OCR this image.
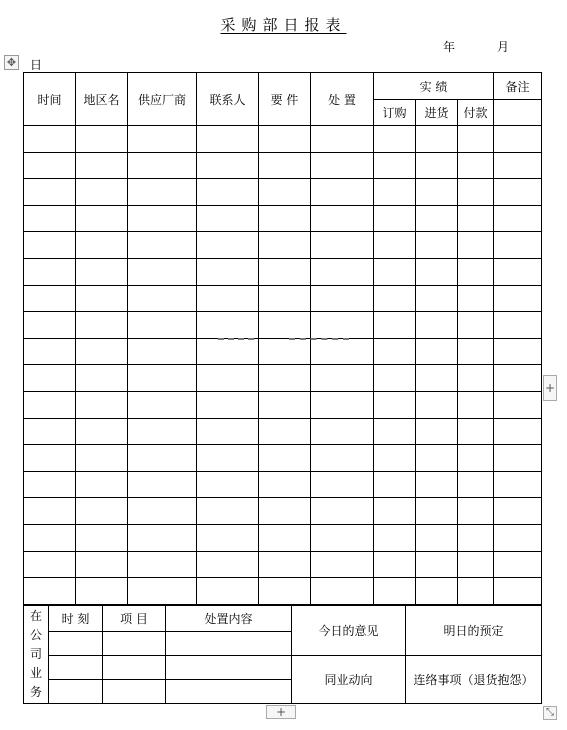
采购部日报表
年	月
✥ 日
时间	地区名	供应厂商	联系人	要 件	处 置	实 绩			备注
						订购	进货	付款	

在公司业务	时 刻	项 目	处置内容	今日的意见	明日的预定

				同业动向	连络事项（退货抱怨）

+
+	⤡
